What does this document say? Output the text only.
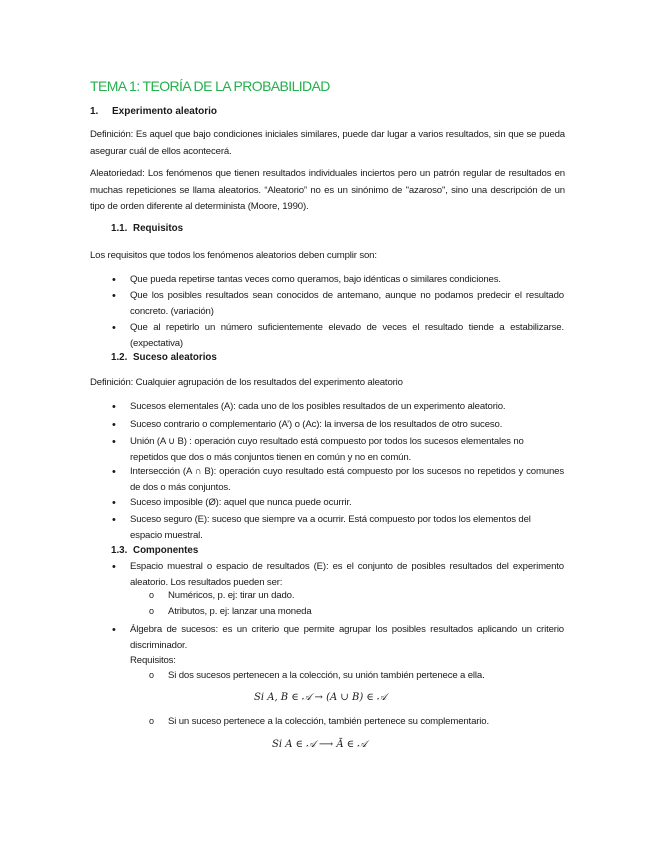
TEMA 1: TEORÍA DE LA PROBABILIDAD
1. Experimento aleatorio
Definición: Es aquel que bajo condiciones iniciales similares, puede dar lugar a varios resultados, sin que se pueda asegurar cuál de ellos acontecerá.
Aleatoriedad: Los fenómenos que tienen resultados individuales inciertos pero un patrón regular de resultados en muchas repeticiones se llama aleatorios. “Aleatorio” no es un sinónimo de "azaroso", sino una descripción de un tipo de orden diferente al determinista (Moore, 1990).
1.1. Requisitos
Los requisitos que todos los fenómenos aleatorios deben cumplir son:
• Que pueda repetirse tantas veces como queramos, bajo idénticas o similares condiciones.
• Que los posibles resultados sean conocidos de antemano, aunque no podamos predecir el resultado concreto. (variación)
• Que al repetirlo un número suficientemente elevado de veces el resultado tiende a estabilizarse. (expectativa)
1.2. Suceso aleatorios
Definición: Cualquier agrupación de los resultados del experimento aleatorio
• Sucesos elementales (A): cada uno de los posibles resultados de un experimento aleatorio.
• Suceso contrario o complementario (A’) o (Ac): la inversa de los resultados de otro suceso.
• Unión (A ∪ B) : operación cuyo resultado está compuesto por todos los sucesos elementales no repetidos que dos o más conjuntos tienen en común y no en común.
• Intersección (A ∩ B): operación cuyo resultado está compuesto por los sucesos no repetidos y comunes de dos o más conjuntos.
• Suceso imposible (Ø): aquel que nunca puede ocurrir.
• Suceso seguro (E): suceso que siempre va a ocurrir. Está compuesto por todos los elementos del espacio muestral.
1.3. Componentes
• Espacio muestral o espacio de resultados (E): es el conjunto de posibles resultados del experimento aleatorio. Los resultados pueden ser:
o Numéricos, p. ej: tirar un dado.
o Atributos, p. ej: lanzar una moneda
• Álgebra de sucesos: es un criterio que permite agrupar los posibles resultados aplicando un criterio discriminador.
Requisitos:
o Si dos sucesos pertenecen a la colección, su unión también pertenece a ella.
Si A, B ∈ 𝒜 → (A ∪ B) ∈ 𝒜
o Si un suceso pertenece a la colección, también pertenece su complementario.
Si A ∈ 𝒜 ⟶ Ā ∈ 𝒜
